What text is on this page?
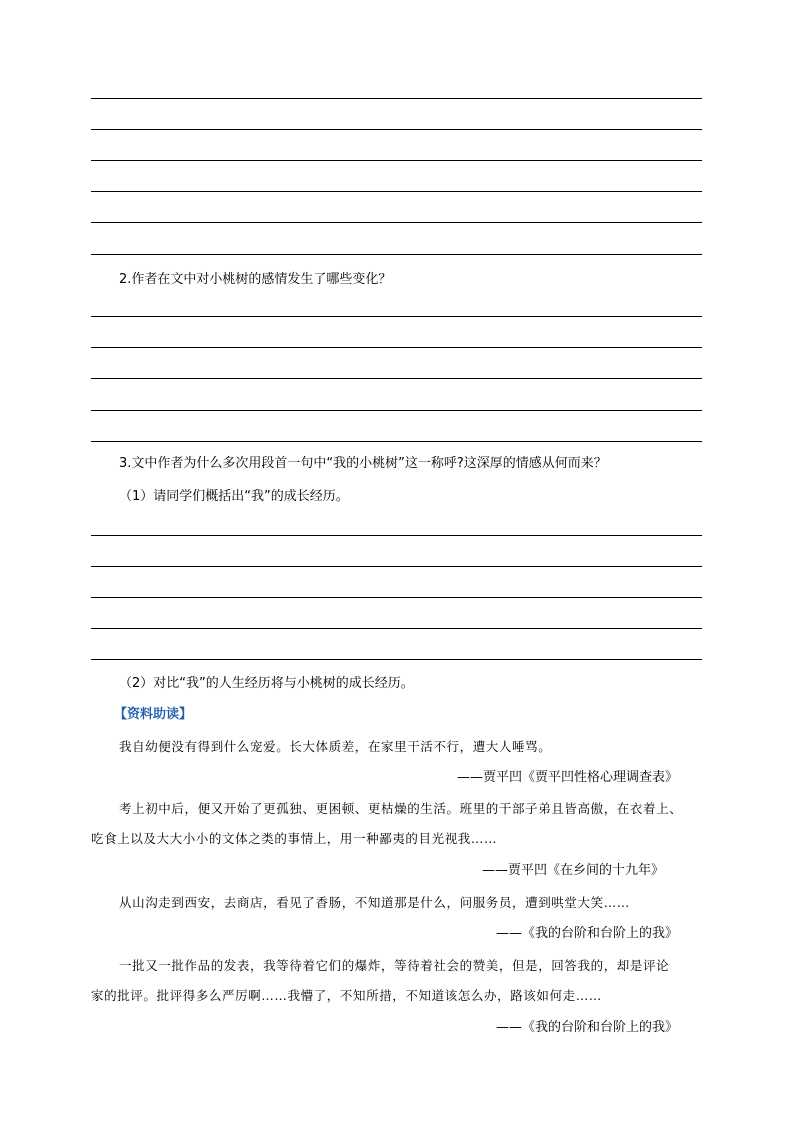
2.作者在文中对小桃树的感情发生了哪些变化？
3.文中作者为什么多次用段首一句中“我的小桃树”这一称呼?这深厚的情感从何而来？
（1）请同学们概括出“我”的成长经历。
（2）对比“我”的人生经历将与小桃树的成长经历。
【资料助读】
我自幼便没有得到什么宠爱。长大体质差，在家里干活不行，遭大人唾骂。
——贾平凹《贾平凹性格心理调查表》
考上初中后，便又开始了更孤独、更困顿、更枯燥的生活。班里的干部子弟且皆高傲，在衣着上、
吃食上以及大大小小的文体之类的事情上，用一种鄙夷的目光视我……
——贾平凹《在乡间的十九年》
从山沟走到西安，去商店，看见了香肠，不知道那是什么，问服务员，遭到哄堂大笑……
——《我的台阶和台阶上的我》
一批又一批作品的发表，我等待着它们的爆炸，等待着社会的赞美，但是，回答我的，却是评论
家的批评。批评得多么严厉啊……我懵了，不知所措，不知道该怎么办，路该如何走……
——《我的台阶和台阶上的我》
